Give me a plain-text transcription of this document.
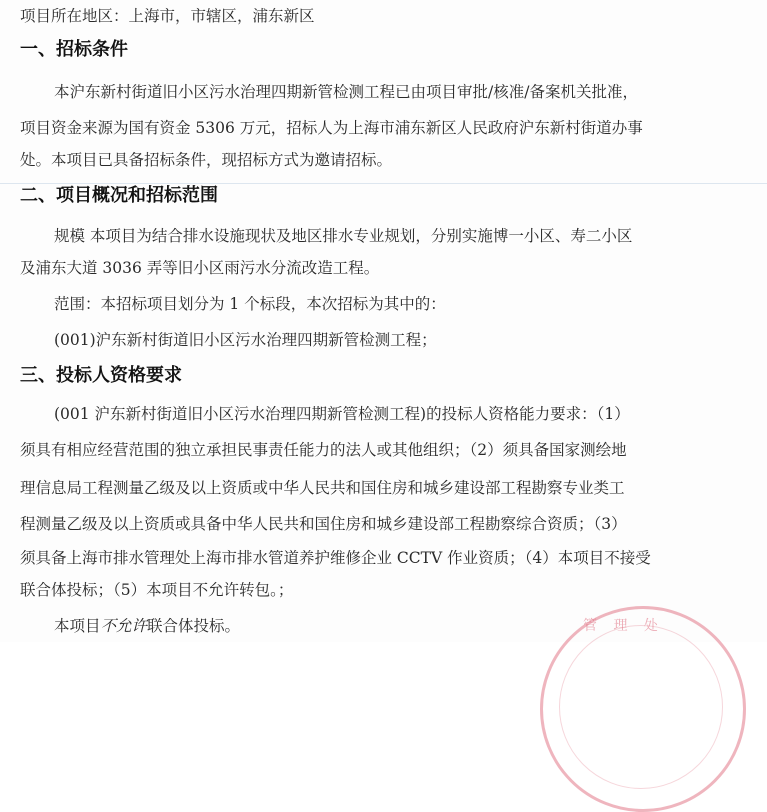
项目所在地区：上海市，市辖区，浦东新区
一、招标条件
本沪东新村街道旧小区污水治理四期新管检测工程已由项目审批/核准/备案机关批准，
项目资金来源为国有资金 5306 万元，招标人为上海市浦东新区人民政府沪东新村街道办事
处。本项目已具备招标条件，现招标方式为邀请招标。
二、项目概况和招标范围
规模 本项目为结合排水设施现状及地区排水专业规划，分别实施博一小区、寿二小区
及浦东大道 3036 弄等旧小区雨污水分流改造工程。
范围：本招标项目划分为 1 个标段，本次招标为其中的：
(001)沪东新村街道旧小区污水治理四期新管检测工程；
三、投标人资格要求
(001 沪东新村街道旧小区污水治理四期新管检测工程)的投标人资格能力要求：（1）
须具有相应经营范围的独立承担民事责任能力的法人或其他组织；（2）须具备国家测绘地
理信息局工程测量乙级及以上资质或中华人民共和国住房和城乡建设部工程勘察专业类工
程测量乙级及以上资质或具备中华人民共和国住房和城乡建设部工程勘察综合资质；（3）
须具备上海市排水管理处上海市排水管道养护维修企业 CCTV 作业资质；（4）本项目不接受
联合体投标；（5）本项目不允许转包。；
本项目不允许联合体投标。	管 理 处
